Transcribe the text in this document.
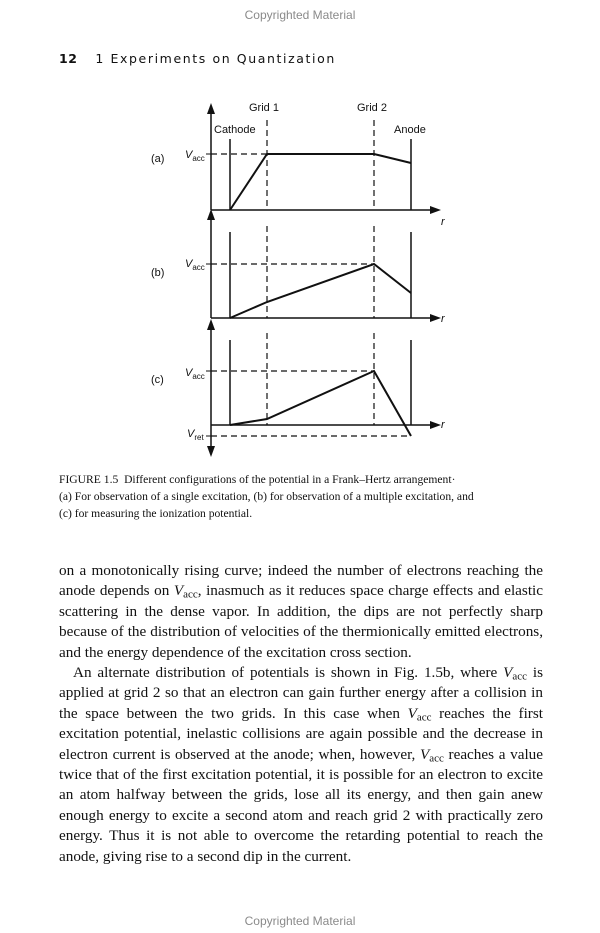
Copyrighted Material
12 1 Experiments on Quantization
Grid 1	Grid 2
Cathode	Anode
(a)
(b)
(c)
$V_{acc}$
$V_{acc}$
$V_{acc}$
$V_{ret}$
r
r
r
FIGURE 1.5 Different configurations of the potential in a Frank–Hertz arrangement·
(a) For observation of a single excitation, (b) for observation of a multiple excitation, and
(c) for measuring the ionization potential.

on a monotonically rising curve; indeed the number of electrons reaching the anode depends on $V_{acc}$, inasmuch as it reduces space charge effects and elastic scattering in the dense vapor. In addition, the dips are not perfectly sharp because of the distribution of velocities of the thermionically emitted electrons, and the energy dependence of the excitation cross section.

An alternate distribution of potentials is shown in Fig. 1.5b, where $V_{acc}$ is applied at grid 2 so that an electron can gain further energy after a collision in the space between the two grids. In this case when $V_{acc}$ reaches the first excitation potential, inelastic collisions are again possible and the decrease in electron current is observed at the anode; when, however, $V_{acc}$ reaches a value twice that of the first excitation potential, it is possible for an electron to excite an atom halfway between the grids, lose all its energy, and then gain anew enough energy to excite a second atom and reach grid 2 with practically zero energy. Thus it is not able to overcome the retarding potential to reach the anode, giving rise to a second dip in the current.

Copyrighted Material
